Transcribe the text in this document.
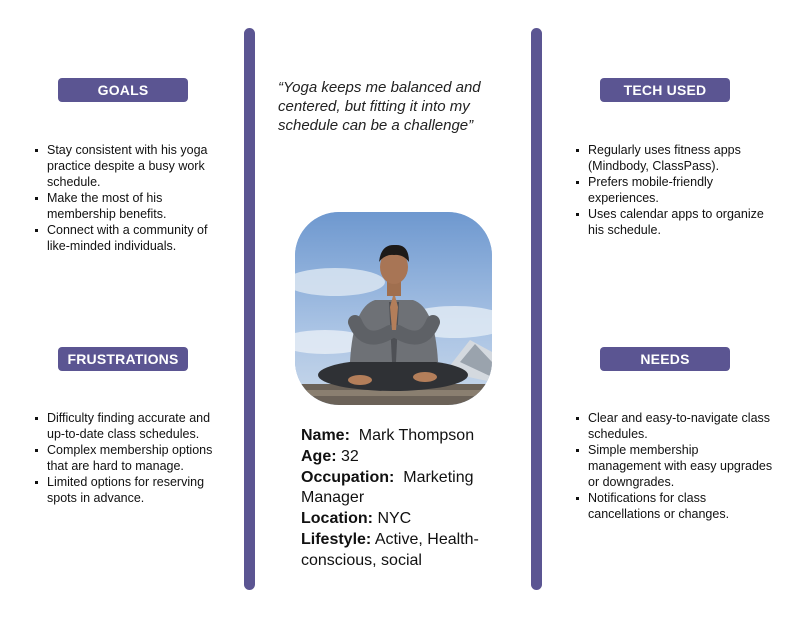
GOALS
Stay consistent with his yoga practice despite a busy work schedule.
Make the most of his membership benefits.
Connect with a community of like-minded individuals.
FRUSTRATIONS
Difficulty finding accurate and up-to-date class schedules.
Complex membership options that are hard to manage.
Limited options for reserving spots in advance.
TECH USED
Regularly uses fitness apps (Mindbody, ClassPass).
Prefers mobile-friendly experiences.
Uses calendar apps to organize his schedule.
NEEDS
Clear and easy-to-navigate class schedules.
Simple membership management with easy upgrades or downgrades.
Notifications for class cancellations or changes.
“Yoga keeps me balanced and centered, but fitting it into my schedule can be a challenge”
Name: Mark Thompson
Age: 32
Occupation: Marketing Manager
Location: NYC
Lifestyle: Active, Health-conscious, social
